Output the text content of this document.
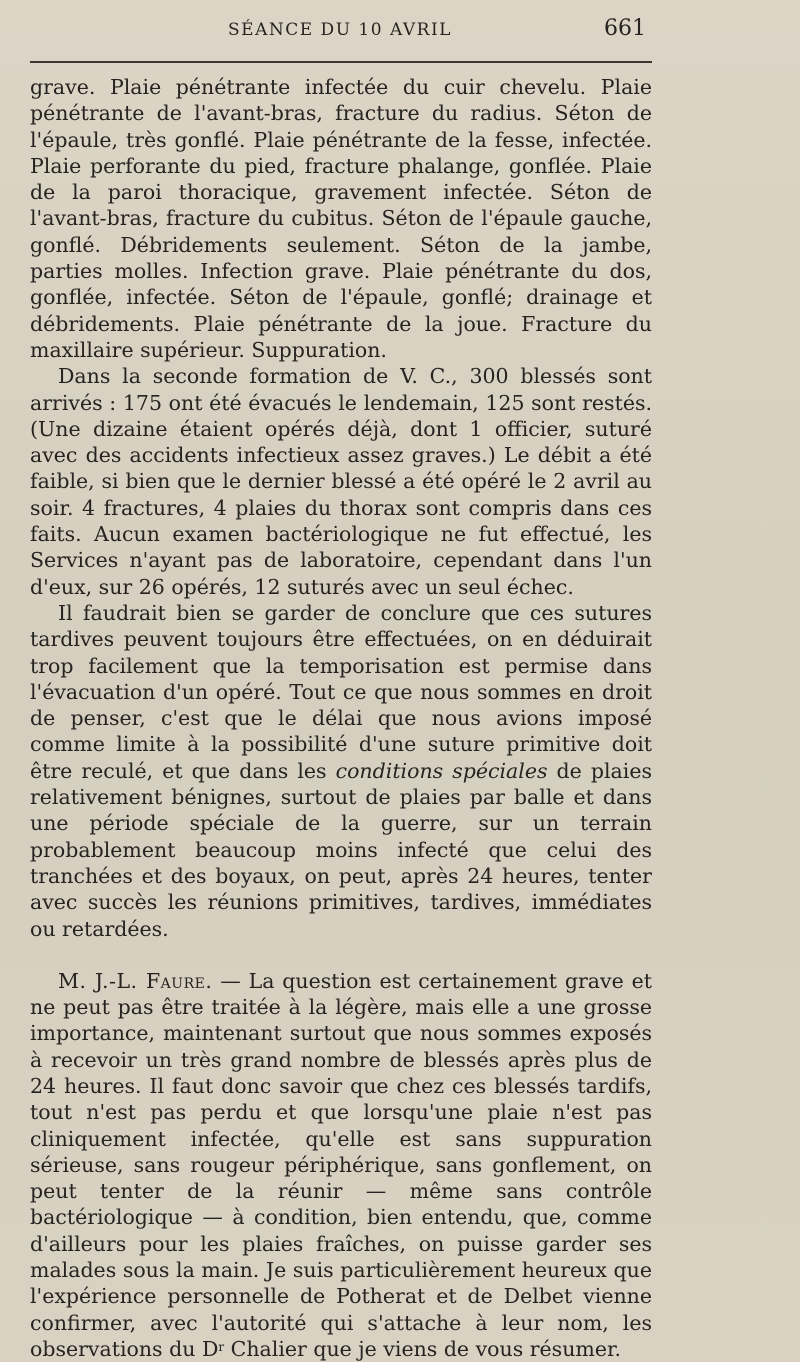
SÉANCE DU 10 AVRIL	661

grave. Plaie pénétrante infectée du cuir chevelu. Plaie pénétrante de l'avant-bras, fracture du radius. Séton de l'épaule, très gonflé. Plaie pénétrante de la fesse, infectée. Plaie perforante du pied, fracture phalange, gonflée. Plaie de la paroi thoracique, gravement infectée. Séton de l'avant-bras, fracture du cubitus. Séton de l'épaule gauche, gonflé. Débridements seulement. Séton de la jambe, parties molles. Infection grave. Plaie pénétrante du dos, gonflée, infectée. Séton de l'épaule, gonflé; drainage et débridements. Plaie pénétrante de la joue. Fracture du maxillaire supérieur. Suppuration.

Dans la seconde formation de V. C., 300 blessés sont arrivés : 175 ont été évacués le lendemain, 125 sont restés. (Une dizaine étaient opérés déjà, dont 1 officier, suturé avec des accidents infectieux assez graves.) Le débit a été faible, si bien que le dernier blessé a été opéré le 2 avril au soir. 4 fractures, 4 plaies du thorax sont compris dans ces faits. Aucun examen bactériologique ne fut effectué, les Services n'ayant pas de laboratoire, cependant dans l'un d'eux, sur 26 opérés, 12 suturés avec un seul échec.

Il faudrait bien se garder de conclure que ces sutures tardives peuvent toujours être effectuées, on en déduirait trop facilement que la temporisation est permise dans l'évacuation d'un opéré. Tout ce que nous sommes en droit de penser, c'est que le délai que nous avions imposé comme limite à la possibilité d'une suture primitive doit être reculé, et que dans les conditions spéciales de plaies relativement bénignes, surtout de plaies par balle et dans une période spéciale de la guerre, sur un terrain probablement beaucoup moins infecté que celui des tranchées et des boyaux, on peut, après 24 heures, tenter avec succès les réunions primitives, tardives, immédiates ou retardées.

M. J.-L. Faure. — La question est certainement grave et ne peut pas être traitée à la légère, mais elle a une grosse importance, maintenant surtout que nous sommes exposés à recevoir un très grand nombre de blessés après plus de 24 heures. Il faut donc savoir que chez ces blessés tardifs, tout n'est pas perdu et que lorsqu'une plaie n'est pas cliniquement infectée, qu'elle est sans suppuration sérieuse, sans rougeur périphérique, sans gonflement, on peut tenter de la réunir — même sans contrôle bactériologique — à condition, bien entendu, que, comme d'ailleurs pour les plaies fraîches, on puisse garder ses malades sous la main. Je suis particulièrement heureux que l'expérience personnelle de Potherat et de Delbet vienne confirmer, avec l'autorité qui s'attache à leur nom, les observations du $D^r$ Chalier que je viens de vous résumer.
